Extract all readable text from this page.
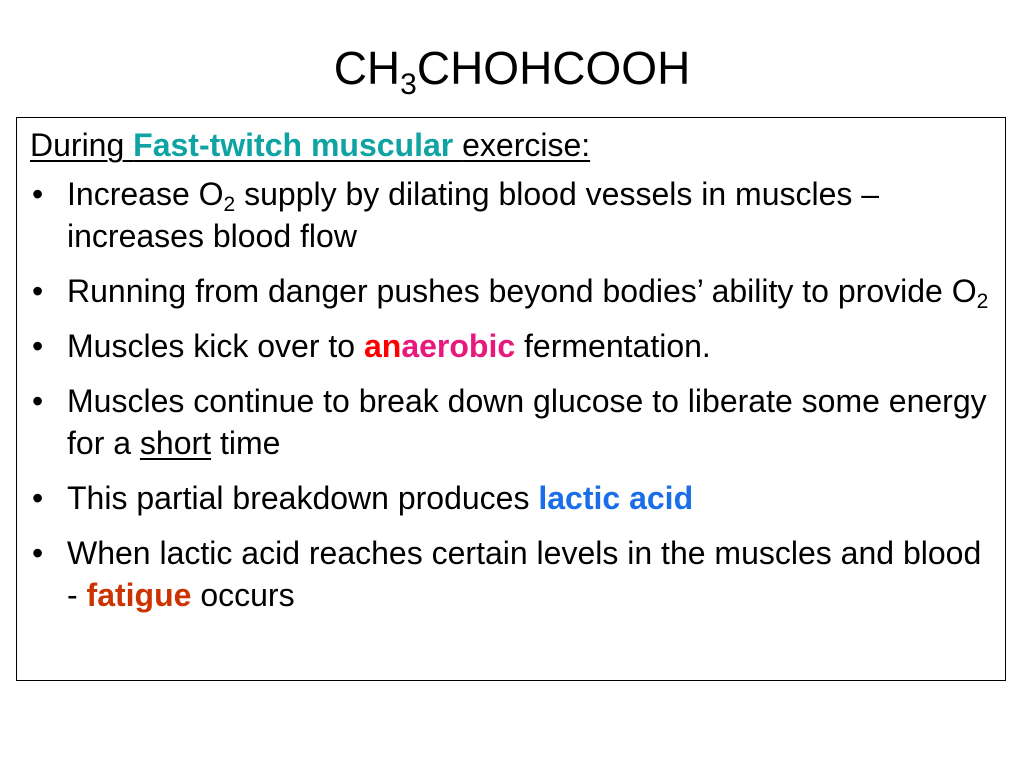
$CH_3CHOHCOOH$
During Fast-twitch muscular exercise:
• Increase $O_2$ supply by dilating blood vessels in muscles – increases blood flow
• Running from danger pushes beyond bodies’ ability to provide $O_2$
• Muscles kick over to anaerobic fermentation.
• Muscles continue to break down glucose to liberate some energy for a short time
• This partial breakdown produces lactic acid
• When lactic acid reaches certain levels in the muscles and blood - fatigue occurs
